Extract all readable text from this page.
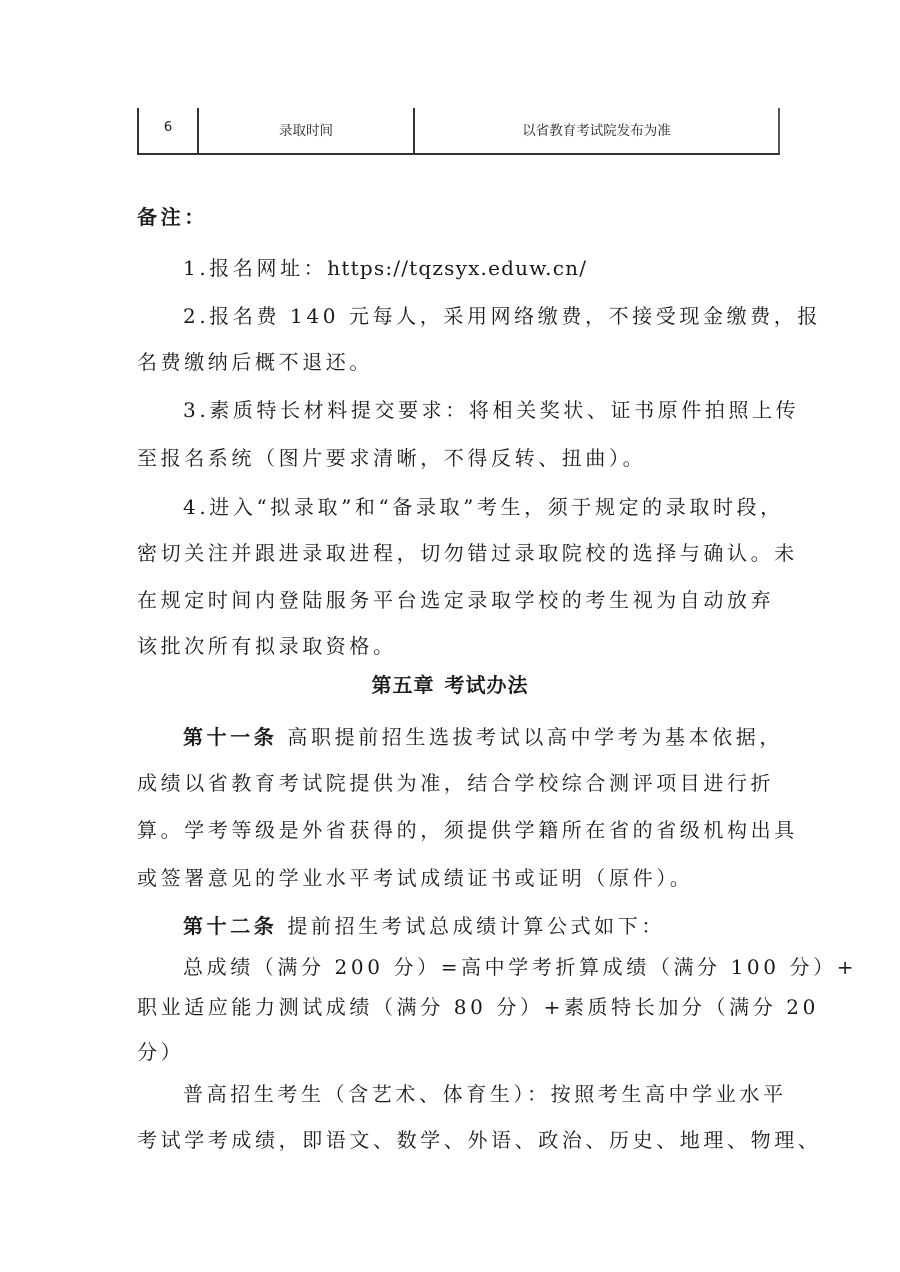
6	录取时间	以省教育考试院发布为准
备注：
1.报名网址：https://tqzsyx.eduw.cn/
2.报名费 140 元每人，采用网络缴费，不接受现金缴费，报
名费缴纳后概不退还。
3.素质特长材料提交要求：将相关奖状、证书原件拍照上传
至报名系统（图片要求清晰，不得反转、扭曲）。
4.进入“拟录取”和“备录取”考生，须于规定的录取时段，
密切关注并跟进录取进程，切勿错过录取院校的选择与确认。未
在规定时间内登陆服务平台选定录取学校的考生视为自动放弃
该批次所有拟录取资格。
第五章 考试办法
第十一条 高职提前招生选拔考试以高中学考为基本依据，
成绩以省教育考试院提供为准，结合学校综合测评项目进行折
算。学考等级是外省获得的，须提供学籍所在省的省级机构出具
或签署意见的学业水平考试成绩证书或证明（原件）。
第十二条 提前招生考试总成绩计算公式如下：
总成绩（满分 200 分）=高中学考折算成绩（满分 100 分）+
职业适应能力测试成绩（满分 80 分）+素质特长加分（满分 20
分）
普高招生考生（含艺术、体育生）：按照考生高中学业水平
考试学考成绩，即语文、数学、外语、政治、历史、地理、物理、
